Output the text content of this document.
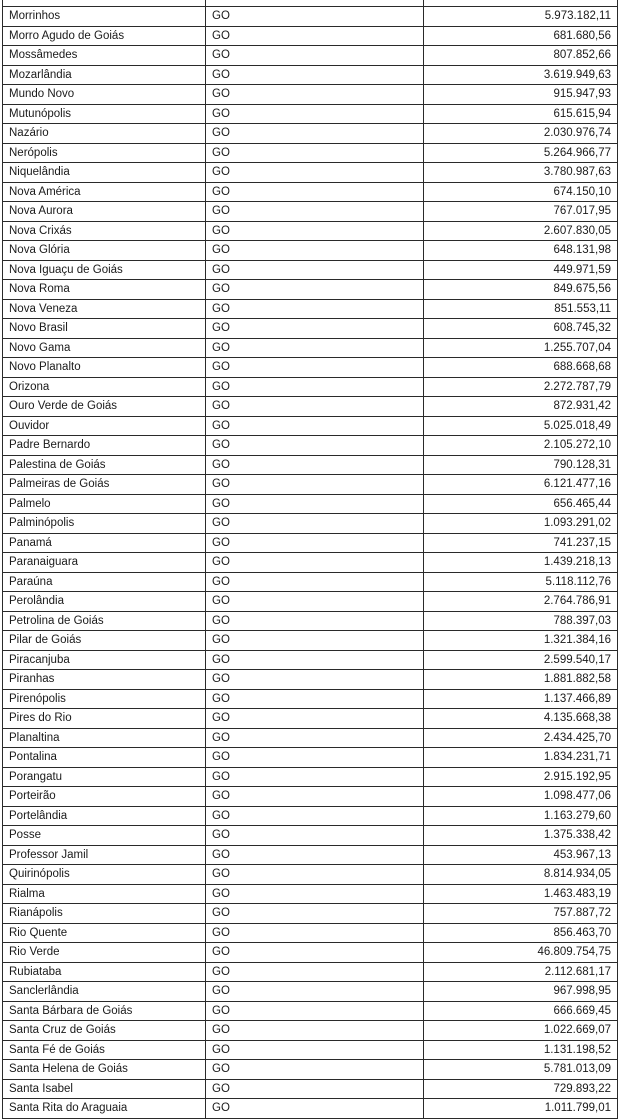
Morrinhos	GO	5.973.182,11
Morro Agudo de Goiás	GO	681.680,56
Mossâmedes	GO	807.852,66
Mozarlândia	GO	3.619.949,63
Mundo Novo	GO	915.947,93
Mutunópolis	GO	615.615,94
Nazário	GO	2.030.976,74
Nerópolis	GO	5.264.966,77
Niquelândia	GO	3.780.987,63
Nova América	GO	674.150,10
Nova Aurora	GO	767.017,95
Nova Crixás	GO	2.607.830,05
Nova Glória	GO	648.131,98
Nova Iguaçu de Goiás	GO	449.971,59
Nova Roma	GO	849.675,56
Nova Veneza	GO	851.553,11
Novo Brasil	GO	608.745,32
Novo Gama	GO	1.255.707,04
Novo Planalto	GO	688.668,68
Orizona	GO	2.272.787,79
Ouro Verde de Goiás	GO	872.931,42
Ouvidor	GO	5.025.018,49
Padre Bernardo	GO	2.105.272,10
Palestina de Goiás	GO	790.128,31
Palmeiras de Goiás	GO	6.121.477,16
Palmelo	GO	656.465,44
Palminópolis	GO	1.093.291,02
Panamá	GO	741.237,15
Paranaiguara	GO	1.439.218,13
Paraúna	GO	5.118.112,76
Perolândia	GO	2.764.786,91
Petrolina de Goiás	GO	788.397,03
Pilar de Goiás	GO	1.321.384,16
Piracanjuba	GO	2.599.540,17
Piranhas	GO	1.881.882,58
Pirenópolis	GO	1.137.466,89
Pires do Rio	GO	4.135.668,38
Planaltina	GO	2.434.425,70
Pontalina	GO	1.834.231,71
Porangatu	GO	2.915.192,95
Porteirão	GO	1.098.477,06
Portelândia	GO	1.163.279,60
Posse	GO	1.375.338,42
Professor Jamil	GO	453.967,13
Quirinópolis	GO	8.814.934,05
Rialma	GO	1.463.483,19
Rianápolis	GO	757.887,72
Rio Quente	GO	856.463,70
Rio Verde	GO	46.809.754,75
Rubiataba	GO	2.112.681,17
Sanclerlândia	GO	967.998,95
Santa Bárbara de Goiás	GO	666.669,45
Santa Cruz de Goiás	GO	1.022.669,07
Santa Fé de Goiás	GO	1.131.198,52
Santa Helena de Goiás	GO	5.781.013,09
Santa Isabel	GO	729.893,22
Santa Rita do Araguaia	GO	1.011.799,01
